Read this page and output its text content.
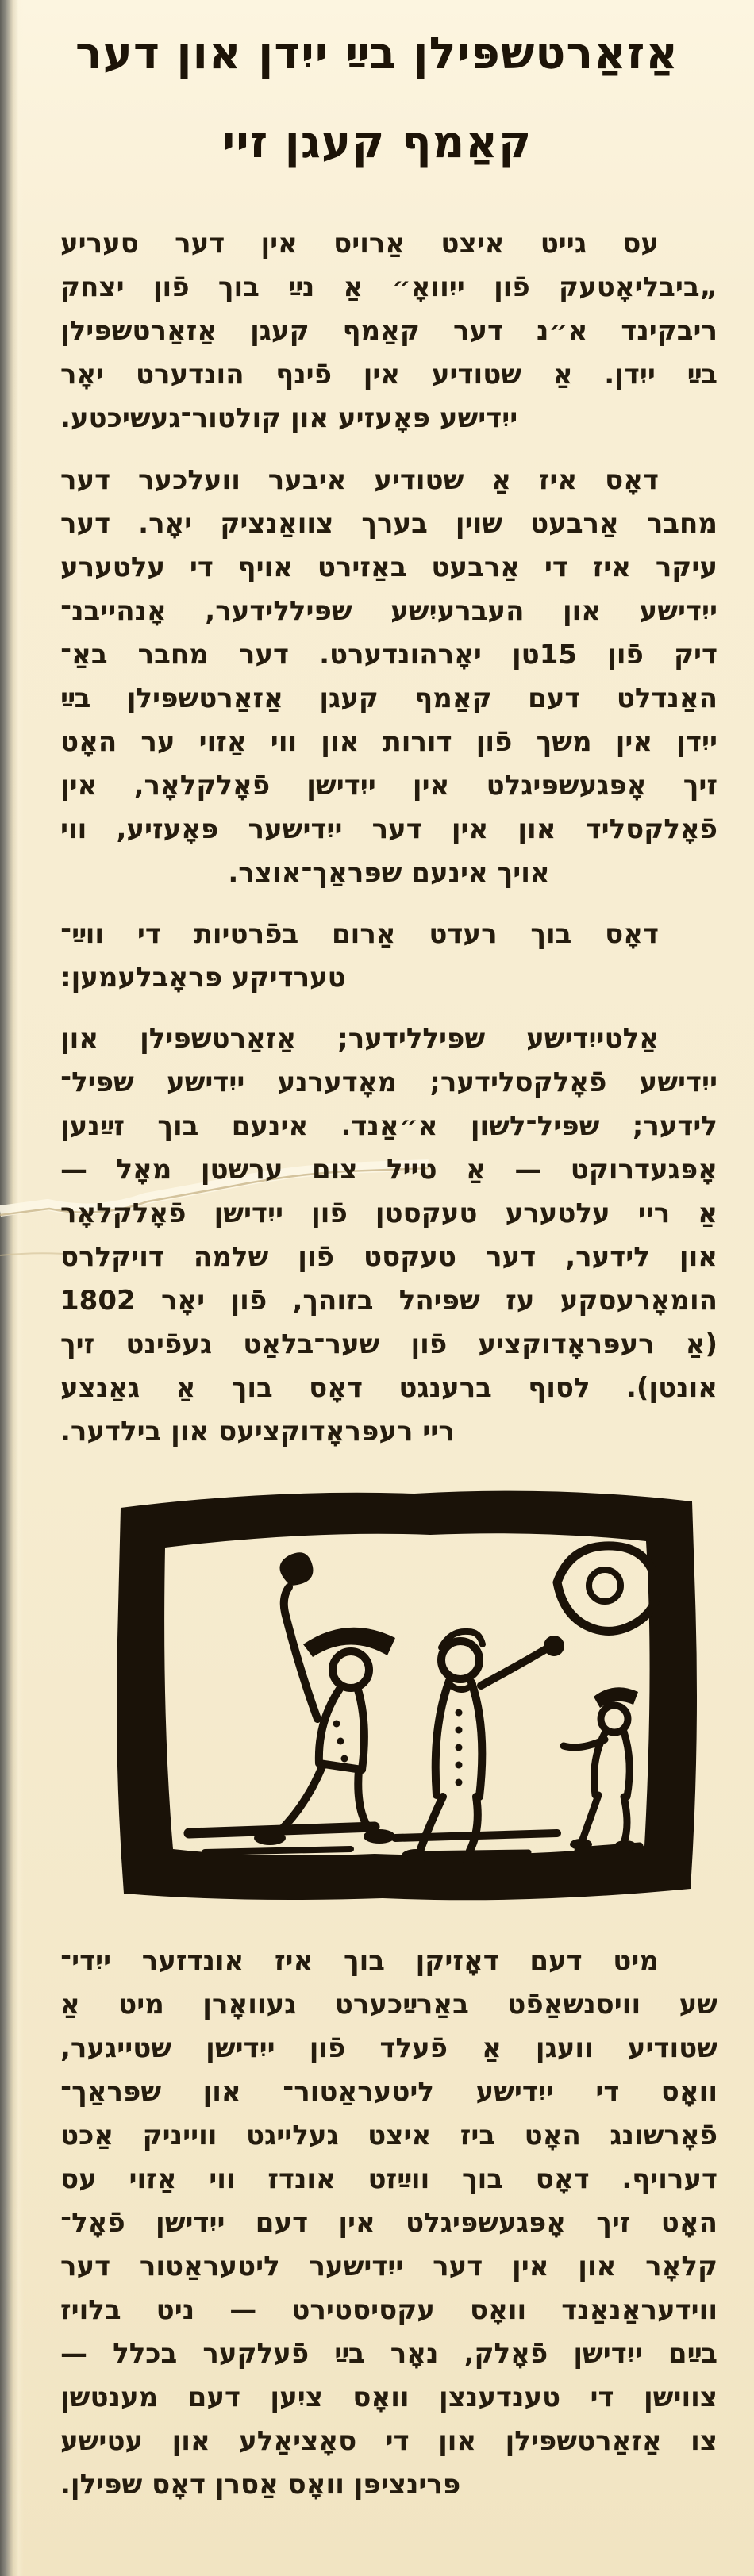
אַזאַרטשפּילן בײַ ייִדן און דער
קאַמף קעגן זיי
עס גייט איצט אַרויס אין דער סעריע
„ביבליאָטעק פֿון ייִוואָ״ אַ נײַ בוך פֿון יצחק
ריבקינד א״נ דער קאַמף קעגן אַזאַרטשפּילן
בײַ ייִדן. אַ שטודיע אין פֿינף הונדערט יאָר
ייִדישע פּאָעזיע און קולטור־געשיכטע.
דאָס איז אַ שטודיע איבער וועלכער דער
מחבר אַרבעט שוין בערך צוואַנציק יאָר. דער
עיקר איז די אַרבעט באַזירט אויף די עלטערע
ייִדישע און העברעיִשע שפּיללידער, אָנהייבנ־
דיק פֿון 15טן יאָרהונדערט. דער מחבר באַ־
האַנדלט דעם קאַמף קעגן אַזאַרטשפּילן בײַ
ייִדן אין משך פֿון דורות און ווי אַזוי ער האָט
זיך אָפּגעשפּיגלט אין ייִדישן פֿאָלקלאָר, אין
פֿאָלקסליד און אין דער ייִדישער פּאָעזיע, ווי
אויך אינעם שפּראַך־אוצר.
דאָס בוך רעדט אַרום בפֿרטיות די ווײַ־
טערדיקע פּראָבלעמען:
אַלטייִדישע שפּיללידער; אַזאַרטשפּילן און
ייִדישע פֿאָלקסלידער; מאָדערנע ייִדישע שפּיל־
לידער; שפּיל־לשון א״אַנד. אינעם בוך זײַנען
אָפּגעדרוקט — אַ טייל צום ערשטן מאָל —
אַ ריי עלטערע טעקסטן פֿון ייִדישן פֿאָלקלאָר
און לידער, דער טעקסט פֿון שלמה דויקלרס
הומאָרעסקע עז שפּיהל בזוהך, פֿון יאָר 1802
(אַ רעפּראָדוקציע פֿון שער־בלאַט געפֿינט זיך
אונטן). לסוף ברענגט דאָס בוך אַ גאַנצע
ריי רעפּראָדוקציעס און בילדער.
מיט דעם דאָזיקן בוך איז אונדזער ייִדי־
שע וויסנשאַפֿט באַרײַכערט געוואָרן מיט אַ
שטודיע וועגן אַ פֿעלד פֿון ייִדישן שטייגער,
וואָס די ייִדישע ליטעראַטור־ און שפּראַך־
פֿאָרשונג האָט ביז איצט געלייגט ווייניק אַכט
דערויף. דאָס בוך ווײַזט אונדז ווי אַזוי עס
האָט זיך אָפּגעשפּיגלט אין דעם ייִדישן פֿאָל־
קלאָר און אין דער ייִדישער ליטעראַטור דער
ווידעראַנאַנד וואָס עקסיסטירט — ניט בלויז
בײַם ייִדישן פֿאָלק, נאָר בײַ פֿעלקער בכלל —
צווישן די טענדענצן וואָס ציִען דעם מענטשן
צו אַזאַרטשפּילן און די סאָציאַלע און עטישע
פּרינציפּן וואָס אַסרן דאָס שפּילן.
